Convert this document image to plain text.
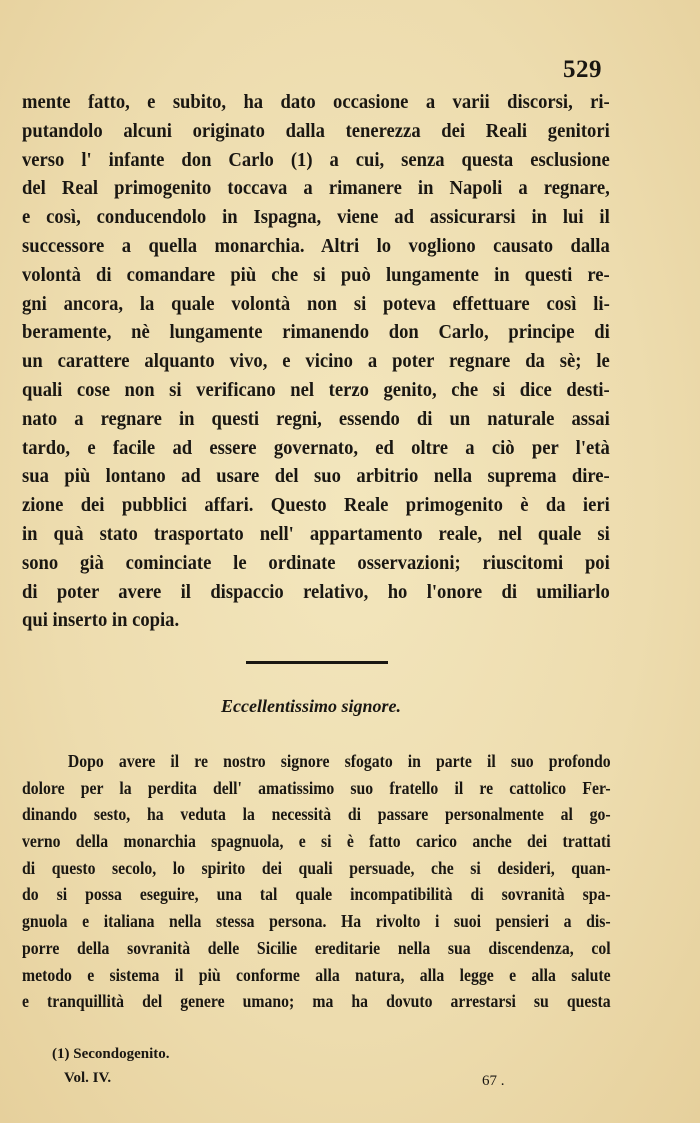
529
mente fatto, e subito, ha dato occasione a varii discorsi, ri-
putandolo alcuni originato dalla tenerezza dei Reali genitori
verso l' infante don Carlo (1) a cui, senza questa esclusione
del Real primogenito toccava a rimanere in Napoli a regnare,
e così, conducendolo in Ispagna, viene ad assicurarsi in lui il
successore a quella monarchia. Altri lo vogliono causato dalla
volontà di comandare più che si può lungamente in questi re-
gni ancora, la quale volontà non si poteva effettuare così li-
beramente, nè lungamente rimanendo don Carlo, principe di
un carattere alquanto vivo, e vicino a poter regnare da sè; le
quali cose non si verificano nel terzo genito, che si dice desti-
nato a regnare in questi regni, essendo di un naturale assai
tardo, e facile ad essere governato, ed oltre a ciò per l'età
sua più lontano ad usare del suo arbitrio nella suprema dire-
zione dei pubblici affari. Questo Reale primogenito è da ieri
in quà stato trasportato nell' appartamento reale, nel quale si
sono già cominciate le ordinate osservazioni; riuscitomi poi
di poter avere il dispaccio relativo, ho l'onore di umiliarlo
qui inserto in copia.
Eccellentissimo signore.
Dopo avere il re nostro signore sfogato in parte il suo profondo
dolore per la perdita dell' amatissimo suo fratello il re cattolico Fer-
dinando sesto, ha veduta la necessità di passare personalmente al go-
verno della monarchia spagnuola, e si è fatto carico anche dei trattati
di questo secolo, lo spirito dei quali persuade, che si desideri, quan-
do si possa eseguire, una tal quale incompatibilità di sovranità spa-
gnuola e italiana nella stessa persona. Ha rivolto i suoi pensieri a dis-
porre della sovranità delle Sicilie ereditarie nella sua discendenza, col
metodo e sistema il più conforme alla natura, alla legge e alla salute
e tranquillità del genere umano; ma ha dovuto arrestarsi su questa
(1) Secondogenito.
Vol. IV.	67 .
